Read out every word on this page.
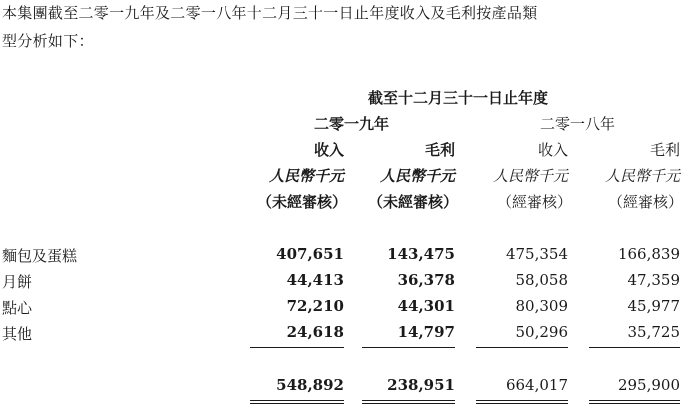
本集團截至二零一九年及二零一八年十二月三十一日止年度收入及毛利按產品類
型分析如下：
截至十二月三十一日止年度
二零一九年	二零一八年
收入	毛利	收入	毛利
人民幣千元 人民幣千元	人民幣千元 人民幣千元
（未經審核） （未經審核）	（經審核） （經審核）
麵包及蛋糕	407,651	143,475	475,354	166,839
月餅	44,413	36,378	58,058	47,359
點心	72,210	44,301	80,309	45,977
其他	24,618	14,797	50,296	35,725
548,892	238,951	664,017	295,900
